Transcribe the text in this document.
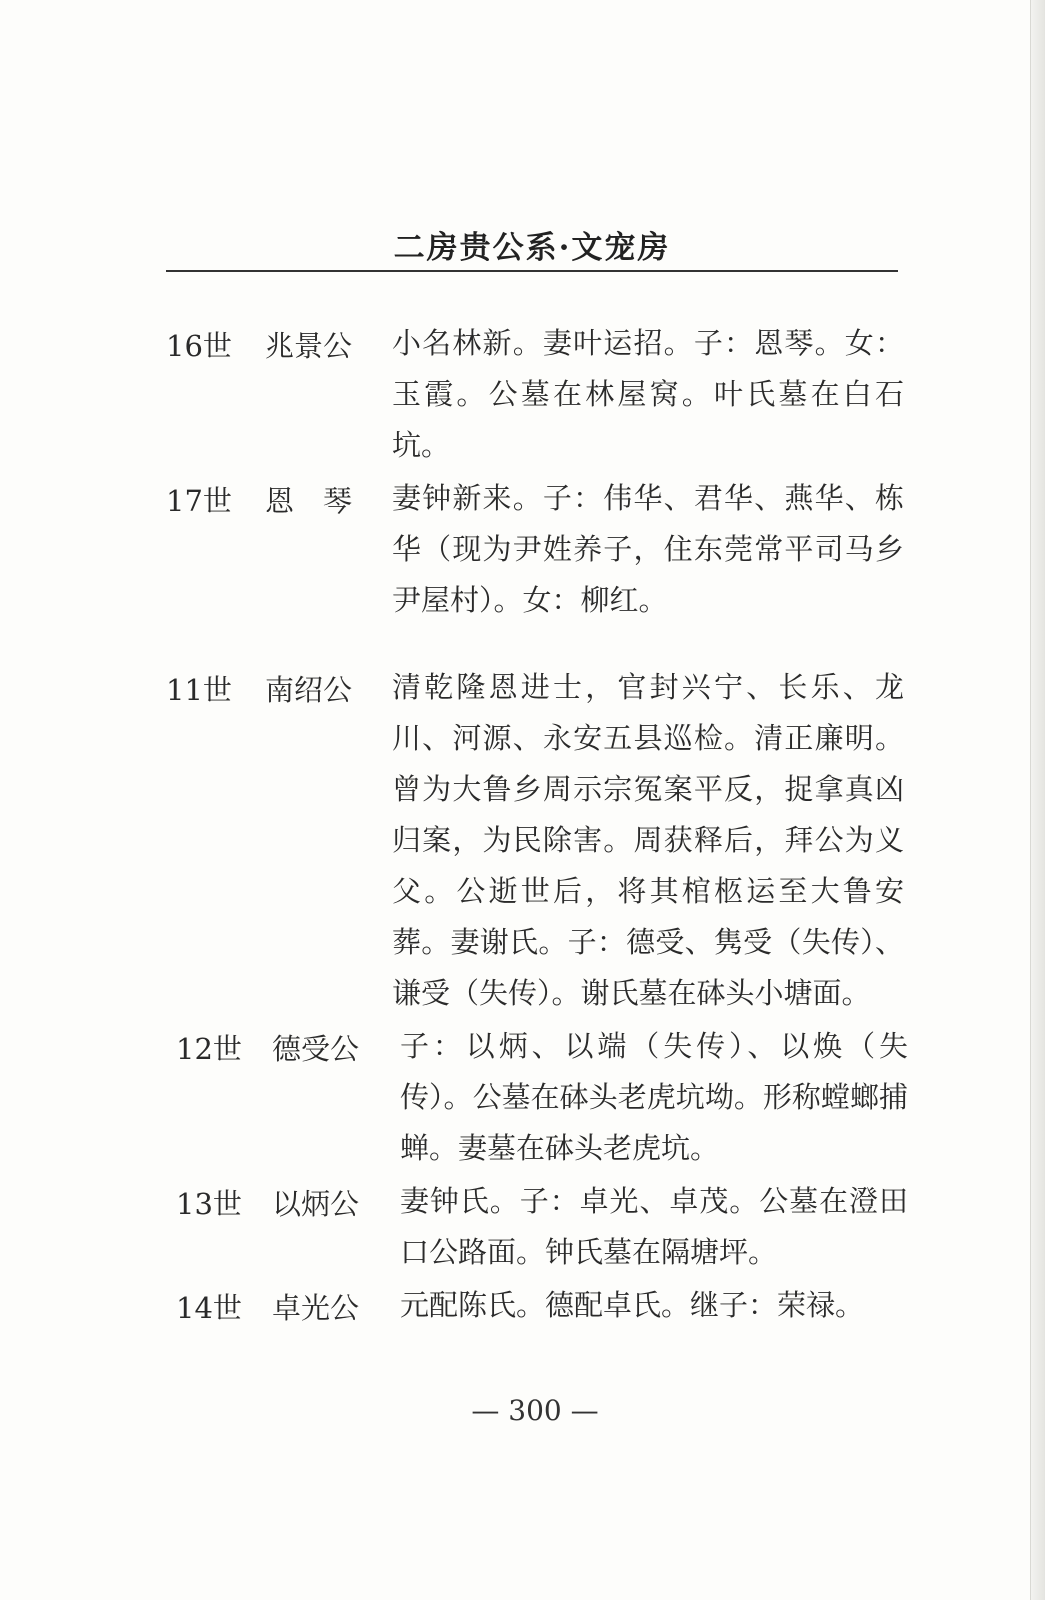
二房贵公系·文宠房
16世	兆景公	小名林新。妻叶运招。子：恩琴。女：玉霞。公墓在林屋窝。叶氏墓在白石坑。
17世	恩　琴	妻钟新来。子：伟华、君华、燕华、栋华（现为尹姓养子，住东莞常平司马乡尹屋村）。女：柳红。
11世	南绍公	清乾隆恩进士，官封兴宁、长乐、龙川、河源、永安五县巡检。清正廉明。曾为大鲁乡周示宗冤案平反，捉拿真凶归案，为民除害。周获释后，拜公为义父。公逝世后，将其棺柩运至大鲁安葬。妻谢氏。子：德受、隽受（失传）、谦受（失传）。谢氏墓在砵头小塘面。
12世	德受公	子：以炳、以端（失传）、以焕（失传）。公墓在砵头老虎坑坳。形称螳螂捕蝉。妻墓在砵头老虎坑。
13世	以炳公	妻钟氏。子：卓光、卓茂。公墓在澄田口公路面。钟氏墓在隔塘坪。
14世	卓光公	元配陈氏。德配卓氏。继子：荣禄。
— 300 —
